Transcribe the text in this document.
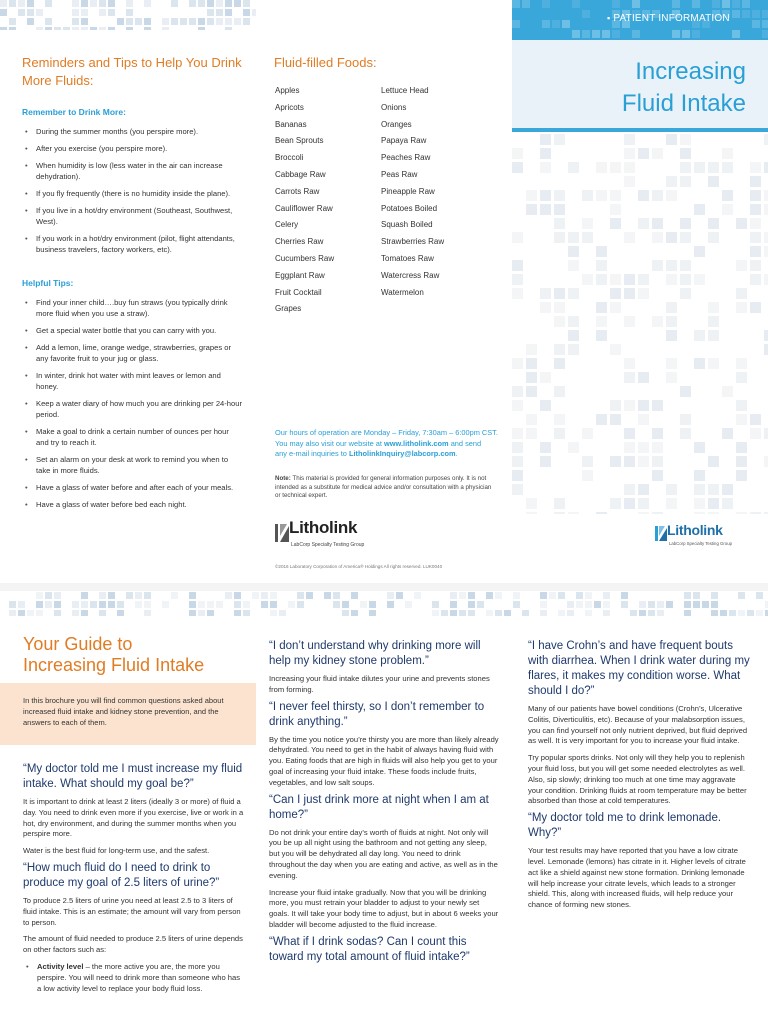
Reminders and Tips to Help You Drink More Fluids:
Remember to Drink More:
• During the summer months (you perspire more).
• After you exercise (you perspire more).
• When humidity is low (less water in the air can increase dehydration).
• If you fly frequently (there is no humidity inside the plane).
• If you live in a hot/dry environment (Southeast, Southwest, West).
• If you work in a hot/dry environment (pilot, flight attendants, business travelers, factory workers, etc).
Helpful Tips:
• Find your inner child….buy fun straws (you typically drink more fluid when you use a straw).
• Get a special water bottle that you can carry with you.
• Add a lemon, lime, orange wedge, strawberries, grapes or any favorite fruit to your jug or glass.
• In winter, drink hot water with mint leaves or lemon and honey.
• Keep a water diary of how much you are drinking per 24-hour period.
• Make a goal to drink a certain number of ounces per hour and try to reach it.
• Set an alarm on your desk at work to remind you when to take in more fluids.
• Have a glass of water before and after each of your meals.
• Have a glass of water before bed each night.
Fluid-filled Foods:
Apples
Apricots
Bananas
Bean Sprouts
Broccoli
Cabbage Raw
Carrots Raw
Cauliflower Raw
Celery
Cherries Raw
Cucumbers Raw
Eggplant Raw
Fruit Cocktail
Grapes
Lettuce Head
Onions
Oranges
Papaya Raw
Peaches Raw
Peas Raw
Pineapple Raw
Potatoes Boiled
Squash Boiled
Strawberries Raw
Tomatoes Raw
Watercress Raw
Watermelon
Our hours of operation are Monday – Friday, 7:30am – 6:00pm CST.
You may also visit our website at www.litholink.com and send
any e-mail inquiries to LitholinkInquiry@labcorp.com.
Note: This material is provided for general information purposes only. It is not intended as a substitute for medical advice and/or consultation with a physician or technical expert.
Litholink
LabCorp Specialty Testing Group
©2016 Laboratory Corporation of America® Holdings All rights reserved. LUK0040
▪ PATIENT INFORMATION
Increasing
Fluid Intake
Litholink
LabCorp Specialty Testing Group
Your Guide to
Increasing Fluid Intake

In this brochure you will find common questions asked about increased fluid intake and kidney stone prevention, and the answers to each of them.

“My doctor told me I must increase my fluid intake. What should my goal be?”

It is important to drink at least 2 liters (ideally 3 or more) of fluid a day. You need to drink even more if you exercise, live or work in a hot, dry environment, and during the summer months when you perspire more.

Water is the best fluid for long-term use, and the safest.

“How much fluid do I need to drink to produce my goal of 2.5 liters of urine?”

To produce 2.5 liters of urine you need at least 2.5 to 3 liters of fluid intake. This is an estimate; the amount will vary from person to person.

The amount of fluid needed to produce 2.5 liters of urine depends on other factors such as:

• Activity level – the more active you are, the more you perspire. You will need to drink more than someone who has a low activity level to replace your body fluid loss.
“I don’t understand why drinking more will help my kidney stone problem.”

Increasing your fluid intake dilutes your urine and prevents stones from forming.

“I never feel thirsty, so I don’t remember to drink anything.”

By the time you notice you’re thirsty you are more than likely already dehydrated. You need to get in the habit of always having fluid with you. Eating foods that are high in fluids will also help you get to your goal of increasing your fluid intake. These foods include fruits, vegetables, and low salt soups.

“Can I just drink more at night when I am at home?”

Do not drink your entire day’s worth of fluids at night. Not only will you be up all night using the bathroom and not getting any sleep, but you will be dehydrated all day long. You need to drink throughout the day when you are eating and active, as well as in the evening.

Increase your fluid intake gradually. Now that you will be drinking more, you must retrain your bladder to adjust to your newly set goals. It will take your body time to adjust, but in about 6 weeks your bladder will become adjusted to the fluid increase.

“What if I drink sodas? Can I count this toward my total amount of fluid intake?”
“I have Crohn’s and have frequent bouts with diarrhea. When I drink water during my flares, it makes my condition worse. What should I do?”

Many of our patients have bowel conditions (Crohn’s, Ulcerative Colitis, Diverticulitis, etc). Because of your malabsorption issues, you can find yourself not only nutrient deprived, but fluid deprived as well. It is very important for you to increase your fluid intake.

Try popular sports drinks. Not only will they help you to replenish your fluid loss, but you will get some needed electrolytes as well. Also, sip slowly; drinking too much at one time may aggravate your condition. Drinking fluids at room temperature may be better absorbed than those at cold temperatures.

“My doctor told me to drink lemonade. Why?”

Your test results may have reported that you have a low citrate level. Lemonade (lemons) has citrate in it. Higher levels of citrate act like a shield against new stone formation. Drinking lemonade will help increase your citrate levels, which leads to a stronger shield. This, along with increased fluids, will help reduce your chance of forming new stones.
